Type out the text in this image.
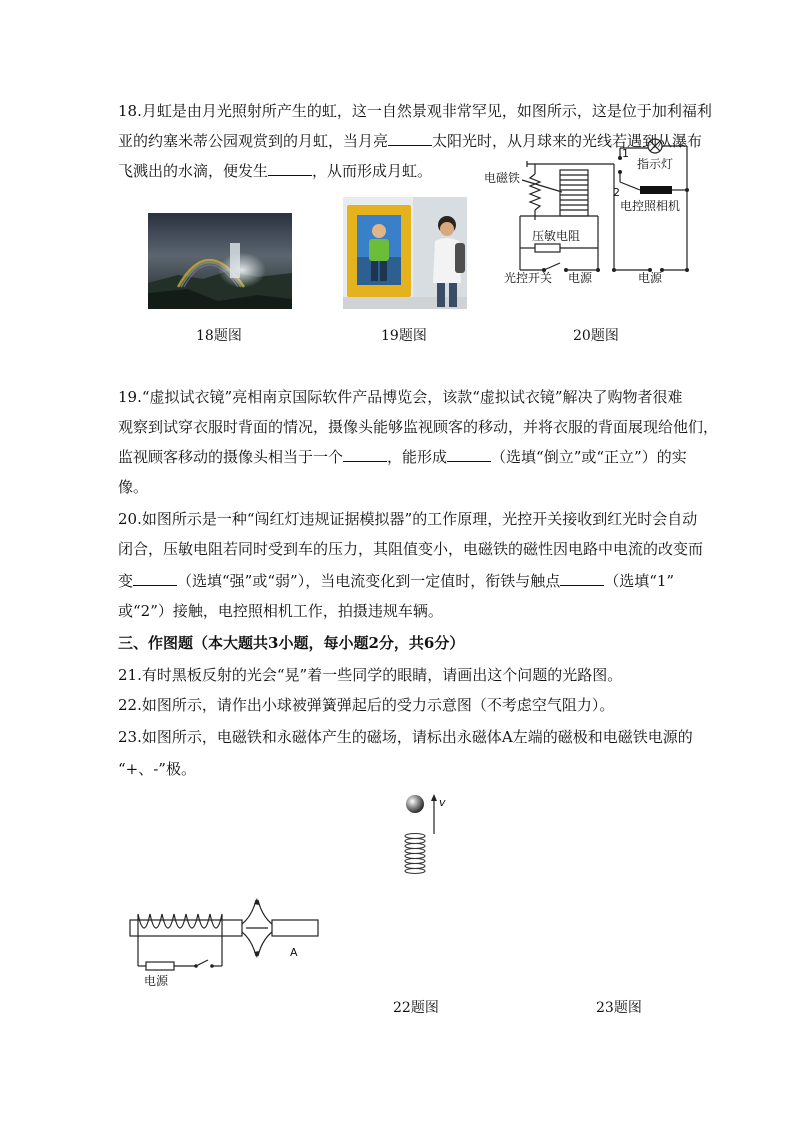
18.月虹是由月光照射所产生的虹，这一自然景观非常罕见，如图所示，这是位于加利福利
亚的约塞米蒂公园观赏到的月虹，当月亮	太阳光时，从月球来的光线若遇到从瀑布
飞溅出的水滴，便发生	，从而形成月虹。	电磁铁
指示灯
电控照相机
压敏电阻
光控开关 电源	电源
1
2
18题图	19题图	20题图
19.“虚拟试衣镜”亮相南京国际软件产品博览会，该款“虚拟试衣镜”解决了购物者很难
观察到试穿衣服时背面的情况，摄像头能够监视顾客的移动，并将衣服的背面展现给他们，
监视顾客移动的摄像头相当于一个	，能形成	（选填“倒立”或“正立”）的实
像。
20.如图所示是一种“闯红灯违规证据模拟器”的工作原理，光控开关接收到红光时会自动
闭合，压敏电阻若同时受到车的压力，其阻值变小，电磁铁的磁性因电路中电流的改变而
变	（选填“强”或“弱”），当电流变化到一定值时，衔铁与触点	（选填“1”
或“2”）接触，电控照相机工作，拍摄违规车辆。
三、作图题（本大题共3小题，每小题2分，共6分）
21.有时黑板反射的光会“晃”着一些同学的眼睛，请画出这个问题的光路图。
22.如图所示，请作出小球被弹簧弹起后的受力示意图（不考虑空气阻力）。
23.如图所示，电磁铁和永磁体产生的磁场，请标出永磁体A左端的磁极和电磁铁电源的
“+、-”极。
v
A
电源
22题图	23题图
